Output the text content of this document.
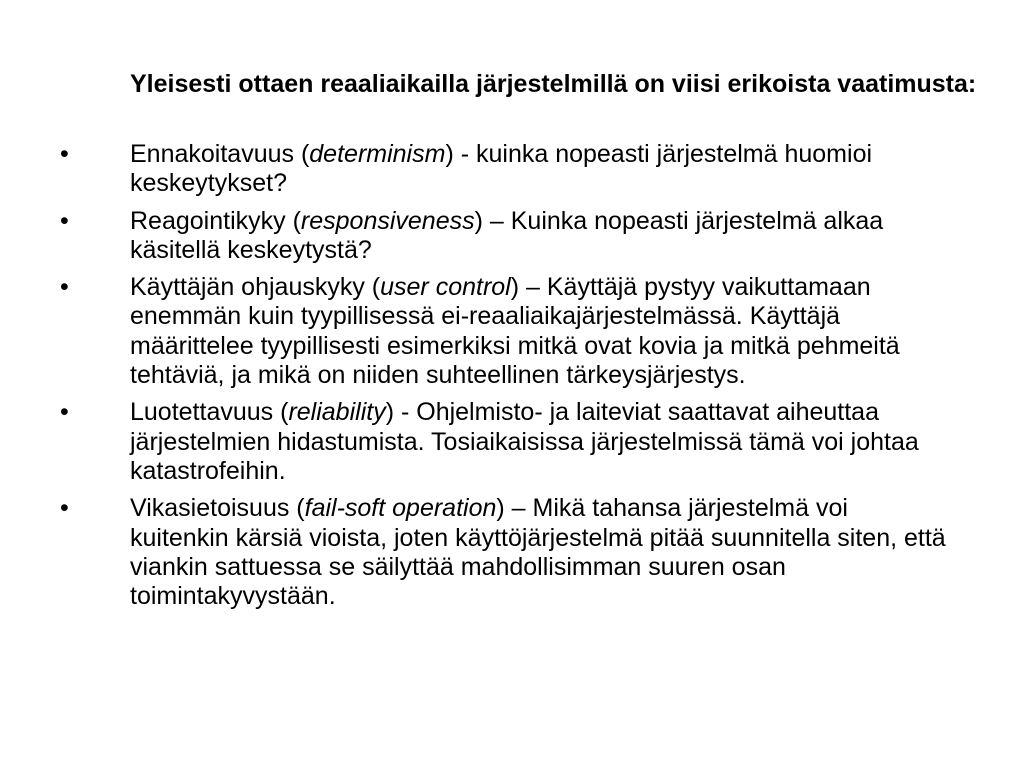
Yleisesti ottaen reaaliaikailla järjestelmillä on viisi erikoista vaatimusta:
• Ennakoitavuus (determinism) - kuinka nopeasti järjestelmä huomioi keskeytykset?
• Reagointikyky (responsiveness) – Kuinka nopeasti järjestelmä alkaa käsitellä keskeytystä?
• Käyttäjän ohjauskyky (user control) – Käyttäjä pystyy vaikuttamaan enemmän kuin tyypillisessä ei-reaaliaikajärjestelmässä. Käyttäjä määrittelee tyypillisesti esimerkiksi mitkä ovat kovia ja mitkä pehmeitä tehtäviä, ja mikä on niiden suhteellinen tärkeysjärjestys.
• Luotettavuus (reliability) - Ohjelmisto- ja laiteviat saattavat aiheuttaa järjestelmien hidastumista. Tosiaikaisissa järjestelmissä tämä voi johtaa katastrofeihin.
• Vikasietoisuus (fail-soft operation) – Mikä tahansa järjestelmä voi kuitenkin kärsiä vioista, joten käyttöjärjestelmä pitää suunnitella siten, että viankin sattuessa se säilyttää mahdollisimman suuren osan toimintakyvystään.
